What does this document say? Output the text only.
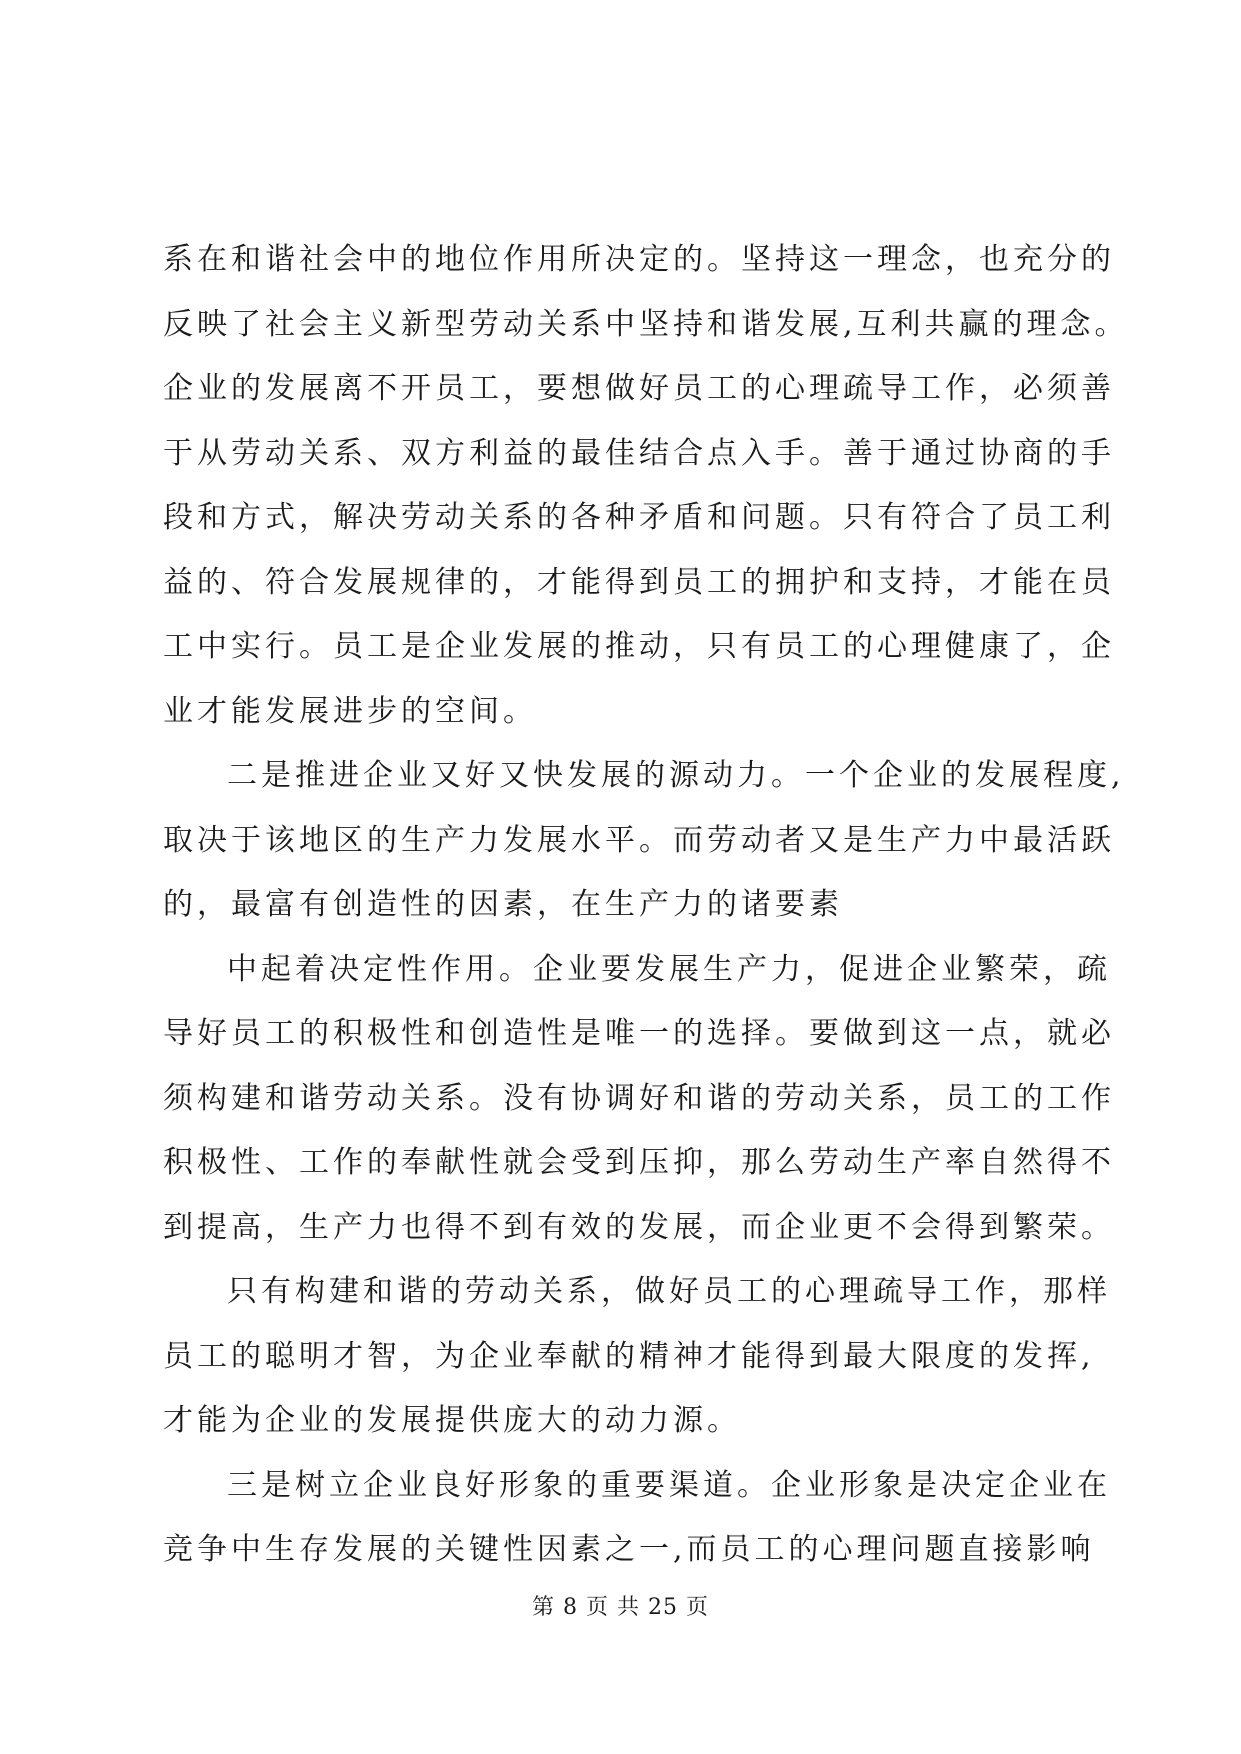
系在和谐社会中的地位作用所决定的。坚持这一理念，也充分的
反映了社会主义新型劳动关系中坚持和谐发展,互利共赢的理念。
企业的发展离不开员工，要想做好员工的心理疏导工作，必须善
于从劳动关系、双方利益的最佳结合点入手。善于通过协商的手
段和方式，解决劳动关系的各种矛盾和问题。只有符合了员工利
益的、符合发展规律的，才能得到员工的拥护和支持，才能在员
工中实行。员工是企业发展的推动，只有员工的心理健康了，企
业才能发展进步的空间。
二是推进企业又好又快发展的源动力。一个企业的发展程度,
取决于该地区的生产力发展水平。而劳动者又是生产力中最活跃
的，最富有创造性的因素，在生产力的诸要素
中起着决定性作用。企业要发展生产力，促进企业繁荣，疏
导好员工的积极性和创造性是唯一的选择。要做到这一点，就必
须构建和谐劳动关系。没有协调好和谐的劳动关系，员工的工作
积极性、工作的奉献性就会受到压抑，那么劳动生产率自然得不
到提高，生产力也得不到有效的发展，而企业更不会得到繁荣。
只有构建和谐的劳动关系，做好员工的心理疏导工作，那样
员工的聪明才智，为企业奉献的精神才能得到最大限度的发挥,
才能为企业的发展提供庞大的动力源。
三是树立企业良好形象的重要渠道。企业形象是决定企业在
竞争中生存发展的关键性因素之一,而员工的心理问题直接影响
第 8 页 共 25 页
